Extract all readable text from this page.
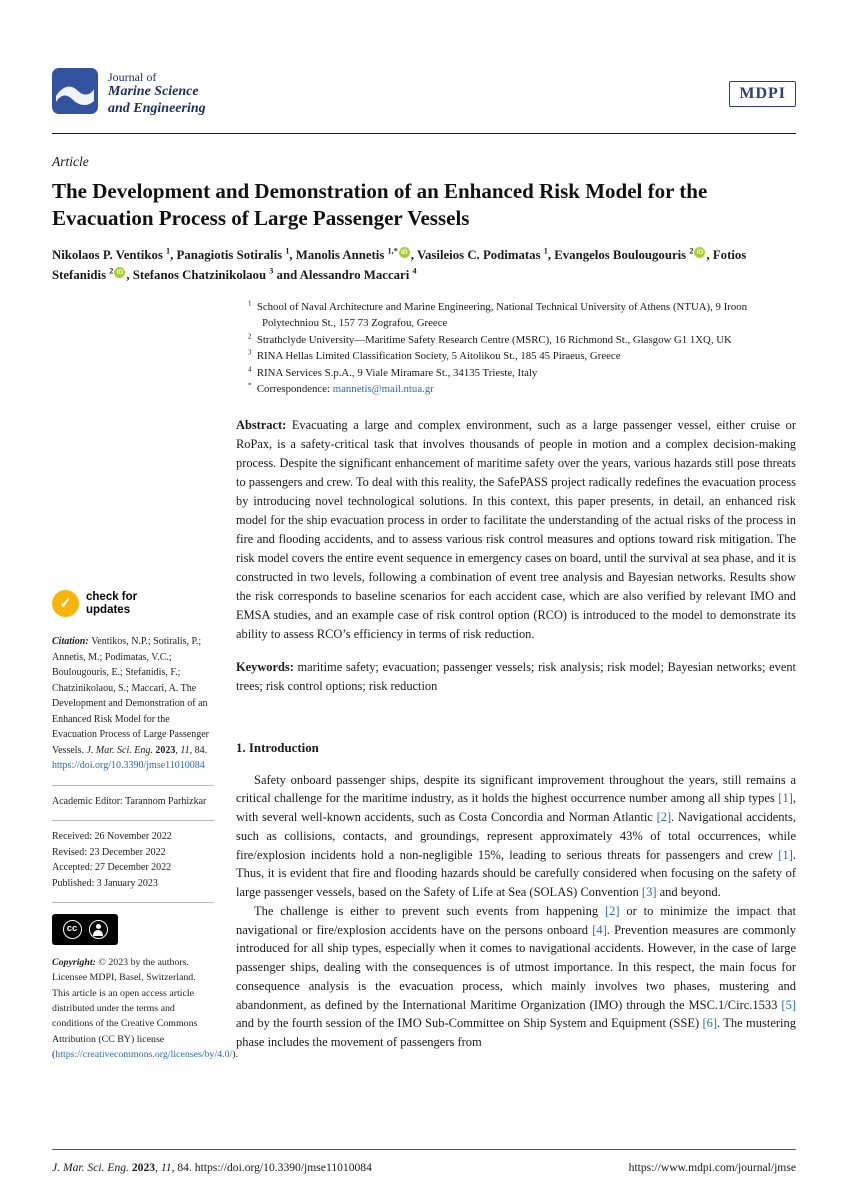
Journal of
Marine Science
and Engineering
MDPI
Article
The Development and Demonstration of an Enhanced Risk Model for the Evacuation Process of Large Passenger Vessels
Nikolaos P. Ventikos $^1$, Panagiotis Sotiralis $^1$, Manolis Annetis $^{1,*}$ iD , Vasileios C. Podimatas $^1$, Evangelos Boulougouris $^2$ iD , Fotios Stefanidis $^2$ iD , Stefanos Chatzinikolaou $^3$ and Alessandro Maccari $^4$
$^1$  School of Naval Architecture and Marine Engineering, National Technical University of Athens (NTUA), 9 Iroon Polytechniou St., 157 73 Zografou, Greece
$^2$  Strathclyde University—Maritime Safety Research Centre (MSRC), 16 Richmond St., Glasgow G1 1XQ, UK
$^3$  RINA Hellas Limited Classification Society, 5 Aitolikou St., 185 45 Piraeus, Greece
$^4$  RINA Services S.p.A., 9 Viale Miramare St., 34135 Trieste, Italy
*  Correspondence: mannetis@mail.ntua.gr
Abstract: Evacuating a large and complex environment, such as a large passenger vessel, either cruise or RoPax, is a safety-critical task that involves thousands of people in motion and a complex decision-making process. Despite the significant enhancement of maritime safety over the years, various hazards still pose threats to passengers and crew. To deal with this reality, the SafePASS project radically redefines the evacuation process by introducing novel technological solutions. In this context, this paper presents, in detail, an enhanced risk model for the ship evacuation process in order to facilitate the understanding of the actual risks of the process in fire and flooding accidents, and to assess various risk control measures and options toward risk mitigation. The risk model covers the entire event sequence in emergency cases on board, until the survival at sea phase, and it is constructed in two levels, following a combination of event tree analysis and Bayesian networks. Results show the risk corresponds to baseline scenarios for each accident case, which are also verified by relevant IMO and EMSA studies, and an example case of risk control option (RCO) is introduced to the model to demonstrate its ability to assess RCO’s efficiency in terms of risk reduction.
Keywords: maritime safety; evacuation; passenger vessels; risk analysis; risk model; Bayesian networks; event trees; risk control options; risk reduction
1. Introduction

Safety onboard passenger ships, despite its significant improvement throughout the years, still remains a critical challenge for the maritime industry, as it holds the highest occurrence number among all ship types [1], with several well-known accidents, such as Costa Concordia and Norman Atlantic [2]. Navigational accidents, such as collisions, contacts, and groundings, represent approximately 43% of total occurrences, while fire/explosion incidents hold a non-negligible 15%, leading to serious threats for passengers and crew [1]. Thus, it is evident that fire and flooding hazards should be carefully considered when focusing on the safety of large passenger vessels, based on the Safety of Life at Sea (SOLAS) Convention [3] and beyond.

The challenge is either to prevent such events from happening [2] or to minimize the impact that navigational or fire/explosion accidents have on the persons onboard [4]. Prevention measures are commonly introduced for all ship types, especially when it comes to navigational accidents. However, in the case of large passenger ships, dealing with the consequences is of utmost importance. In this respect, the main focus for consequence analysis is the evacuation process, which mainly involves two phases, mustering and abandonment, as defined by the International Maritime Organization (IMO) through the MSC.1/Circ.1533 [5] and by the fourth session of the IMO Sub-Committee on Ship System and Equipment (SSE) [6]. The mustering phase includes the movement of passengers from

✓	check for
updates
Citation: Ventikos, N.P.; Sotiralis, P.; Annetis, M.; Podimatas, V.C.; Boulougouris, E.; Stefanidis, F.; Chatzinikolaou, S.; Maccari, A. The Development and Demonstration of an Enhanced Risk Model for the Evacuation Process of Large Passenger Vessels. J. Mar. Sci. Eng. 2023, 11, 84. https://doi.org/10.3390/jmse11010084
Academic Editor: Tarannom Parhizkar
Received: 26 November 2022
Revised: 23 December 2022
Accepted: 27 December 2022
Published: 3 January 2023
cc
Copyright: © 2023 by the authors. Licensee MDPI, Basel, Switzerland. This article is an open access article distributed under the terms and conditions of the Creative Commons Attribution (CC BY) license (https://creativecommons.org/licenses/by/4.0/).
J. Mar. Sci. Eng. 2023, 11, 84. https://doi.org/10.3390/jmse11010084	https://www.mdpi.com/journal/jmse
